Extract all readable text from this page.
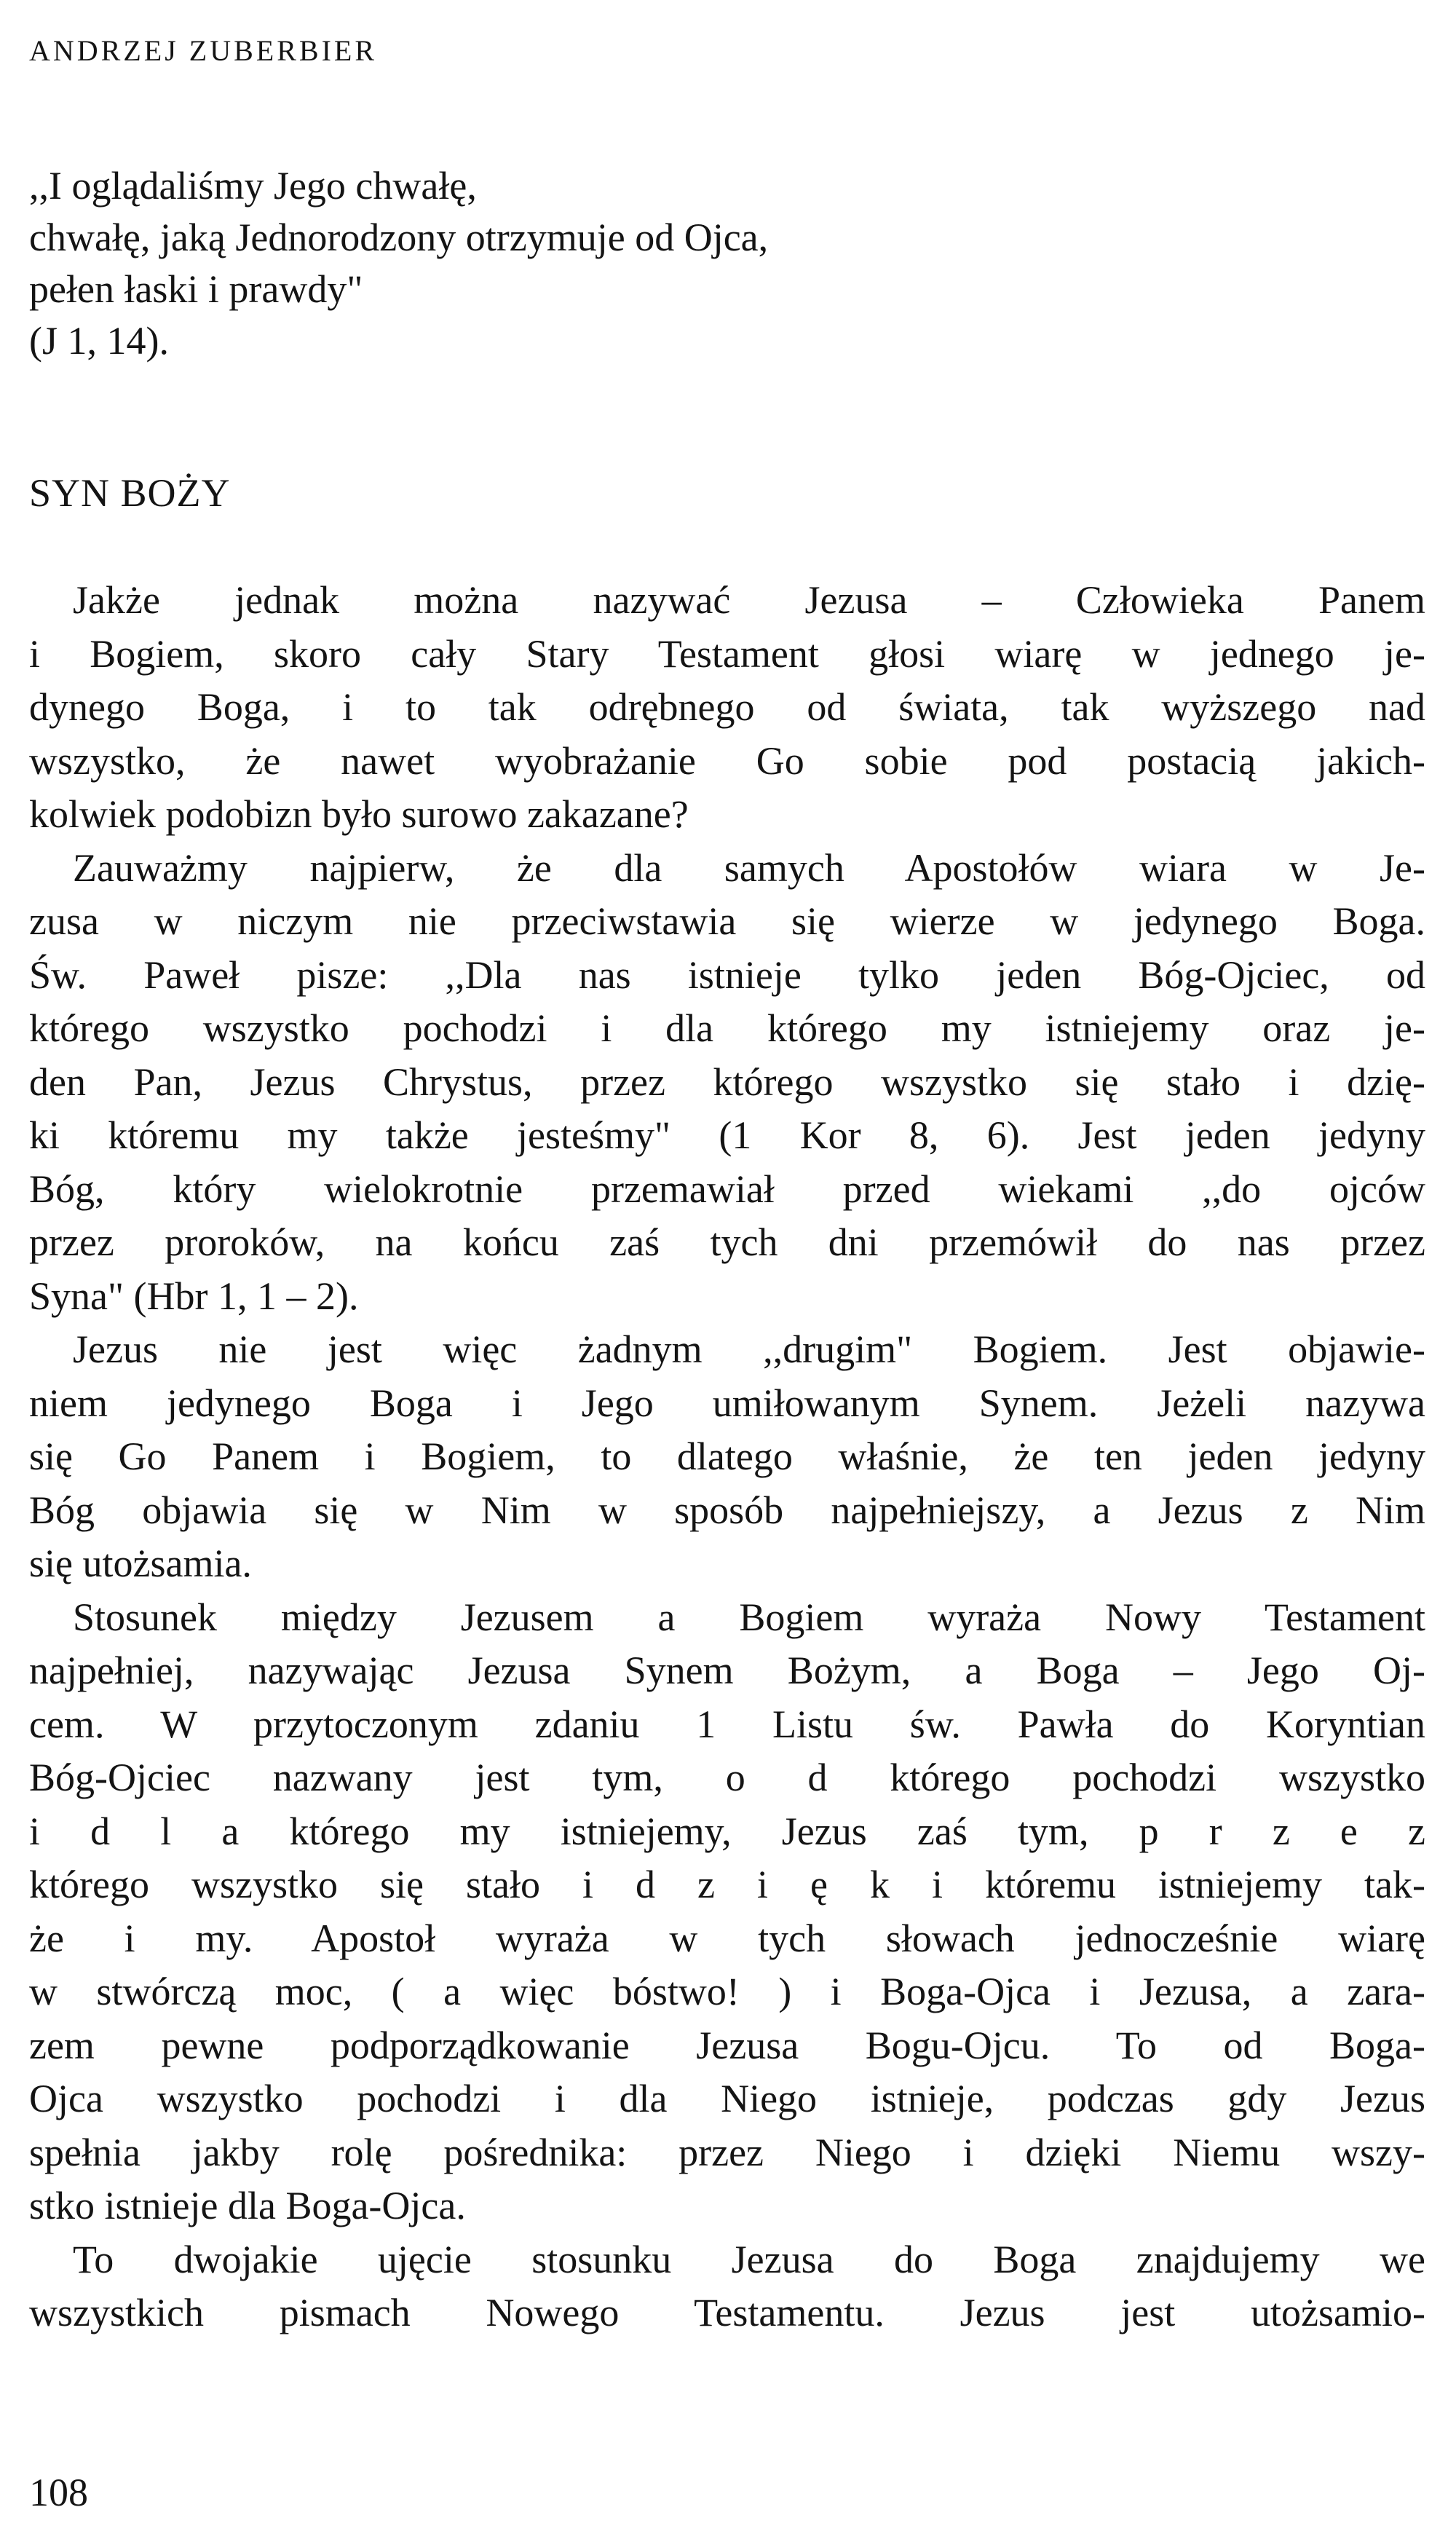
ANDRZEJ ZUBERBIER
,,I oglądaliśmy Jego chwałę,
chwałę, jaką Jednorodzony otrzymuje od Ojca,
pełen łaski i prawdy"
(J 1, 14).
SYN BOŻY
Jakże jednak można nazywać Jezusa – Człowieka Panem
i Bogiem, skoro cały Stary Testament głosi wiarę w jednego je-
dynego Boga, i to tak odrębnego od świata, tak wyższego nad
wszystko, że nawet wyobrażanie Go sobie pod postacią jakich-
kolwiek podobizn było surowo zakazane?
Zauważmy najpierw, że dla samych Apostołów wiara w Je-
zusa w niczym nie przeciwstawia się wierze w jedynego Boga.
Św. Paweł pisze: ,,Dla nas istnieje tylko jeden Bóg-Ojciec, od
którego wszystko pochodzi i dla którego my istniejemy oraz je-
den Pan, Jezus Chrystus, przez którego wszystko się stało i dzię-
ki któremu my także jesteśmy" (1 Kor 8, 6). Jest jeden jedyny
Bóg, który wielokrotnie przemawiał przed wiekami ,,do ojców
przez proroków, na końcu zaś tych dni przemówił do nas przez
Syna" (Hbr 1, 1 – 2).
Jezus nie jest więc żadnym ,,drugim" Bogiem. Jest objawie-
niem jedynego Boga i Jego umiłowanym Synem. Jeżeli nazywa
się Go Panem i Bogiem, to dlatego właśnie, że ten jeden jedyny
Bóg objawia się w Nim w sposób najpełniejszy, a Jezus z Nim
się utożsamia.
Stosunek między Jezusem a Bogiem wyraża Nowy Testament
najpełniej, nazywając Jezusa Synem Bożym, a Boga – Jego Oj-
cem. W przytoczonym zdaniu 1 Listu św. Pawła do Koryntian
Bóg-Ojciec nazwany jest tym, o d którego pochodzi wszystko
i d l a którego my istniejemy, Jezus zaś tym, p r z e z
którego wszystko się stało i d z i ę k i któremu istniejemy tak-
że i my. Apostoł wyraża w tych słowach jednocześnie wiarę
w stwórczą moc, ( a więc bóstwo! ) i Boga-Ojca i Jezusa, a zara-
zem pewne podporządkowanie Jezusa Bogu-Ojcu. To od Boga-
Ojca wszystko pochodzi i dla Niego istnieje, podczas gdy Jezus
spełnia jakby rolę pośrednika: przez Niego i dzięki Niemu wszy-
stko istnieje dla Boga-Ojca.
To dwojakie ujęcie stosunku Jezusa do Boga znajdujemy we
wszystkich pismach Nowego Testamentu. Jezus jest utożsamio-
108
